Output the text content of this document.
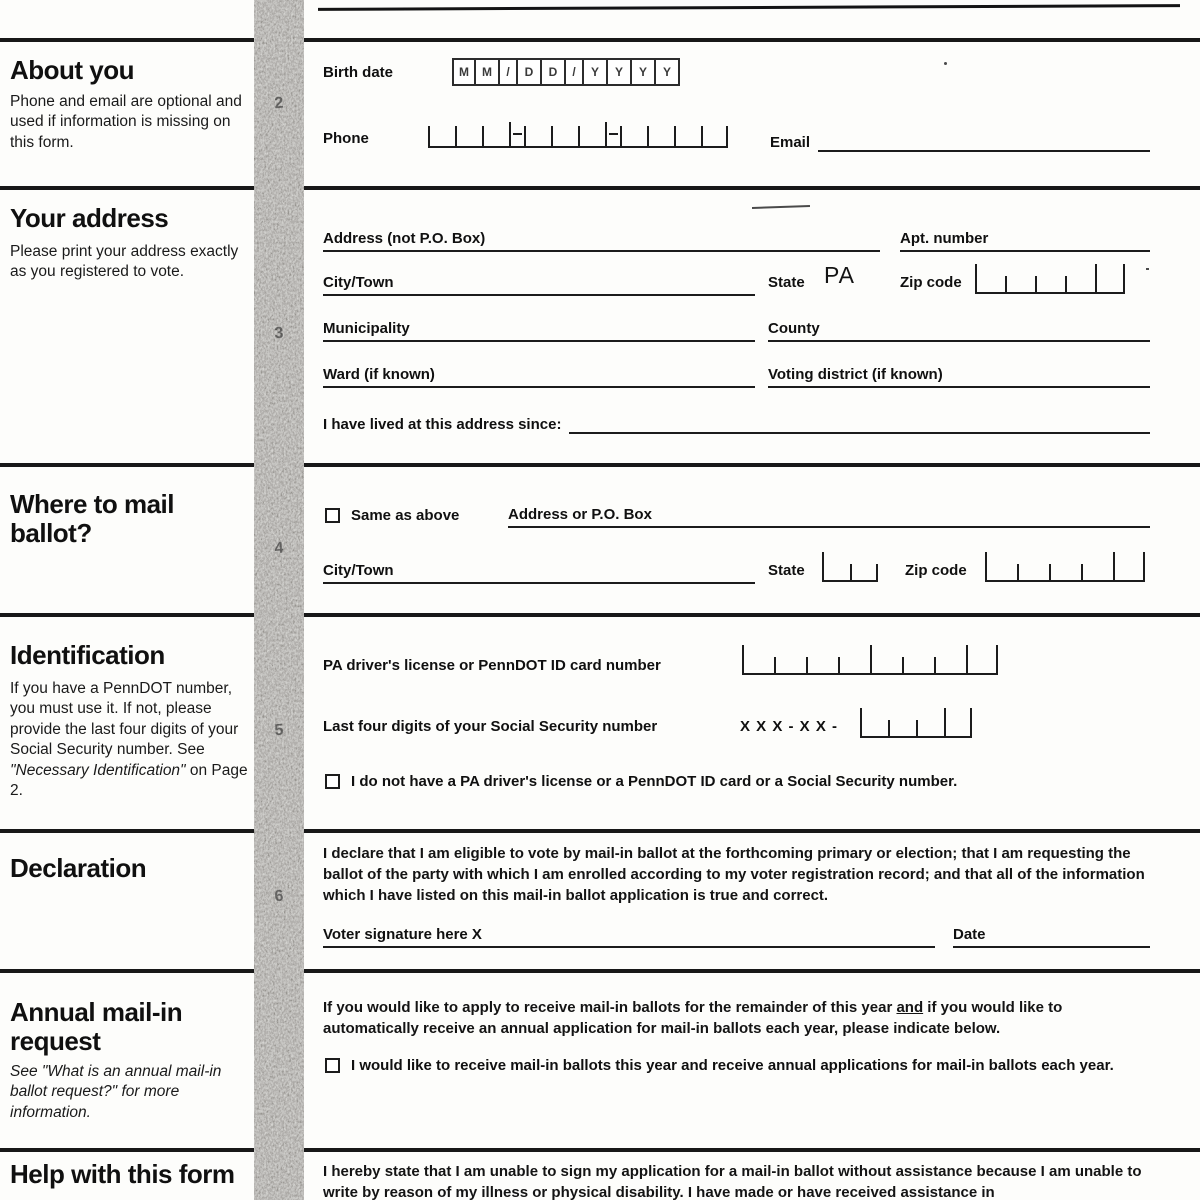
2
3
4
5
6
About you
Phone and email are optional and used if information is missing on this form.
Birth date	M	M	/	D	D	/	Y	Y	Y	Y
Phone	Email
Your address
Please print your address exactly as you registered to vote.
Address (not P.O. Box)	Apt. number
City/Town	State PA	Zip code
Municipality	County
Ward (if known)	Voting district (if known)
I have lived at this address since:
Where to mail ballot?
Same as above	Address or P.O. Box
City/Town	State	Zip code
Identification
If you have a PennDOT number, you must use it. If not, please provide the last four digits of your Social Security number. See "Necessary Identification" on Page 2.
PA driver's license or PennDOT ID card number
Last four digits of your Social Security number	X X X - X X -
I do not have a PA driver's license or a PennDOT ID card or a Social Security number.
Declaration	I declare that I am eligible to vote by mail-in ballot at the forthcoming primary or election; that I am requesting the ballot of the party with which I am enrolled according to my voter registration record; and that all of the information which I have listed on this mail-in ballot application is true and correct.
Voter signature here X	Date
Annual mail-in request
See "What is an annual mail-in ballot request?" for more information.
If you would like to apply to receive mail-in ballots for the remainder of this year and if you would like to automatically receive an annual application for mail-in ballots each year, please indicate below.
I would like to receive mail-in ballots this year and receive annual applications for mail-in ballots each year.
Help with this form	I hereby state that I am unable to sign my application for a mail-in ballot without assistance because I am unable to write by reason of my illness or physical disability. I have made or have received assistance in
